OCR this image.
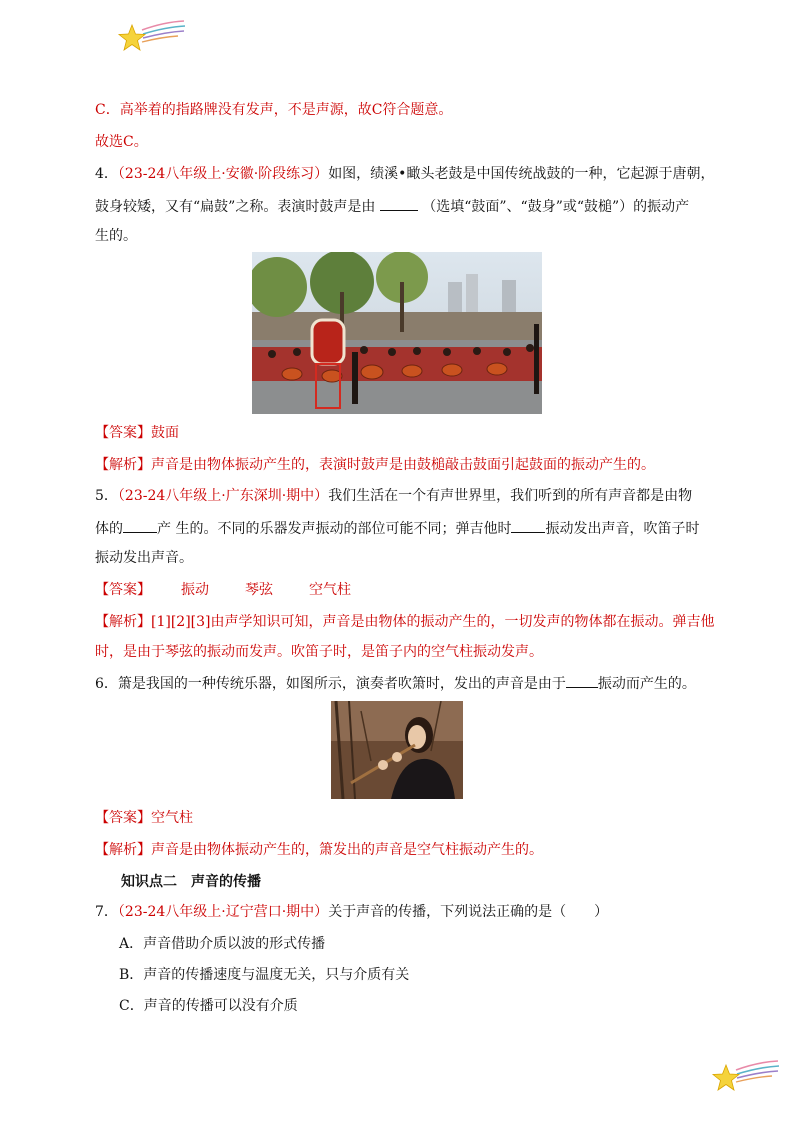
C．高举着的指路牌没有发声，不是声源，故C符合题意。
故选C。
4．（23-24八年级上·安徽·阶段练习）如图，绩溪•瞰头老鼓是中国传统战鼓的一种，它起源于唐朝，
鼓身较矮，又有“扁鼓”之称。表演时鼓声是由	（选填“鼓面”、“鼓身”或“鼓槌”）的振动产
生的。
【答案】鼓面
【解析】声音是由物体振动产生的，表演时鼓声是由鼓槌敲击鼓面引起鼓面的振动产生的。
5．（23-24八年级上·广东深圳·期中）我们生活在一个有声世界里，我们听到的所有声音都是由物
体的 产 生的。不同的乐器发声振动的部位可能不同；弹吉他时 振动发出声音，吹笛子时
振动发出声音。
【答案】 振动	琴弦	空气柱
【解析】[1][2][3]由声学知识可知，声音是由物体的振动产生的，一切发声的物体都在振动。弹吉他
时，是由于琴弦的振动而发声。吹笛子时，是笛子内的空气柱振动发声。
6．箫是我国的一种传统乐器，如图所示，演奏者吹箫时，发出的声音是由于 振动而产生的。
【答案】空气柱
【解析】声音是由物体振动产生的，箫发出的声音是空气柱振动产生的。
知识点二　声音的传播
7．（23-24八年级上·辽宁营口·期中）关于声音的传播，下列说法正确的是（　　）
A．声音借助介质以波的形式传播
B．声音的传播速度与温度无关，只与介质有关
C．声音的传播可以没有介质
